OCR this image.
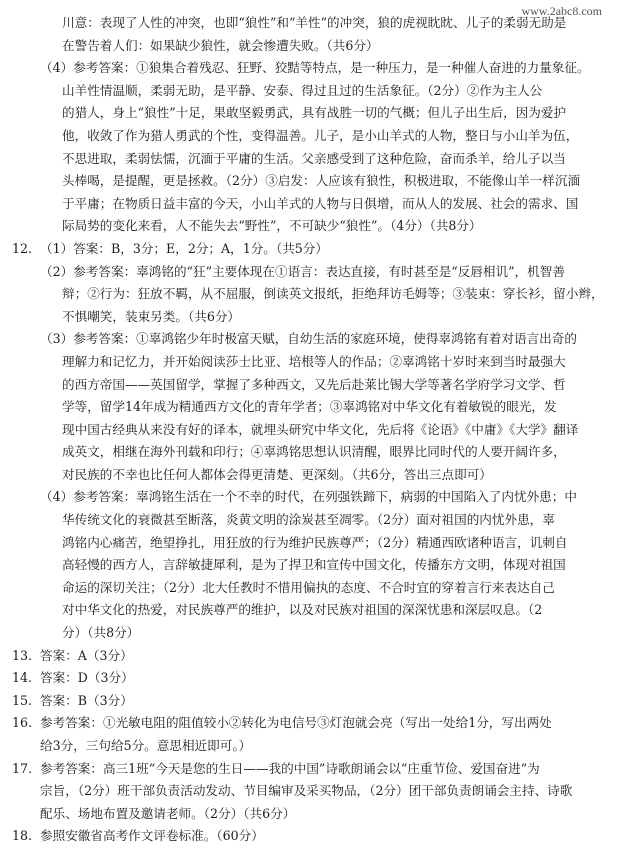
www.2abc8.com
川意：表现了人性的冲突，也即“狼性”和“羊性”的冲突，狼的虎视眈眈、儿子的柔弱无助是
在警告着人们：如果缺少狼性，就会惨遭失败。（共6分）
（4）参考答案：①狼集合着残忍、狂野、狡黠等特点，是一种压力，是一种催人奋进的力量象征。
山羊性情温顺，柔弱无助，是平静、安泰、得过且过的生活象征。（2分）②作为主人公
的猎人，身上“狼性”十足，果敢坚毅勇武，具有战胜一切的气概；但儿子出生后，因为爱护
他，收敛了作为猎人勇武的个性，变得温善。儿子，是小山羊式的人物，整日与小山羊为伍，
不思进取，柔弱怯懦，沉湎于平庸的生活。父亲感受到了这种危险，奋而杀羊，给儿子以当
头棒喝，是提醒，更是拯救。（2分）③启发：人应该有狼性，积极进取，不能像山羊一样沉湎
于平庸；在物质日益丰富的今天，小山羊式的人物与日俱增，而从人的发展、社会的需求、国
际局势的变化来看，人不能失去“野性”，不可缺少“狼性”。（4分）（共8分）
12. （1）答案：B，3分；E，2分；A，1分。（共5分）
（2）参考答案：辜鸿铭的“狂”主要体现在①语言：表达直接，有时甚至是“反唇相讥”，机智善
辩；②行为：狂放不羁，从不屈服，倒读英文报纸，拒绝拜访毛姆等；③装束：穿长衫，留小辫，
不惧嘲笑，装束另类。（共6分）
（3）参考答案：①辜鸿铭少年时极富天赋，自幼生活的家庭环境，使得辜鸿铭有着对语言出奇的
理解力和记忆力，并开始阅读莎士比亚、培根等人的作品；②辜鸿铭十岁时来到当时最强大
的西方帝国——英国留学，掌握了多种西文，又先后赴莱比锡大学等著名学府学习文学、哲
学等，留学14年成为精通西方文化的青年学者；③辜鸿铭对中华文化有着敏锐的眼光，发
现中国古经典从来没有好的译本，就埋头研究中华文化，先后将《论语》《中庸》《大学》翻译
成英文，相继在海外刊载和印行；④辜鸿铭思想认识清醒，眼界比同时代的人要开阔许多，
对民族的不幸也比任何人都体会得更清楚、更深刻。（共6分，答出三点即可）
（4）参考答案：辜鸿铭生活在一个不幸的时代，在列强铁蹄下，病弱的中国陷入了内忧外患；中
华传统文化的衰微甚至断落，炎黄文明的涂炭甚至凋零。（2分）面对祖国的内忧外患，辜
鸿铭内心痛苦，绝望挣扎，用狂放的行为维护民族尊严；（2分）精通西欧诸种语言，讥刺自
高轻慢的西方人，言辞敏捷犀利，是为了捍卫和宣传中国文化，传播东方文明，体现对祖国
命运的深切关注；（2分）北大任教时不惜用偏执的态度、不合时宜的穿着言行来表达自己
对中华文化的热爱，对民族尊严的维护，以及对民族对祖国的深深忧患和深层叹息。（2
分）（共8分）
13. 答案：A（3分）
14. 答案：D（3分）
15. 答案：B（3分）
16. 参考答案：①光敏电阻的阻值较小②转化为电信号③灯泡就会亮（写出一处给1分，写出两处
给3分，三句给5分。意思相近即可。）
17. 参考答案：高三1班“今天是您的生日——我的中国”诗歌朗诵会以“庄重节俭、爱国奋进”为
宗旨，（2分）班干部负责活动发动、节目编审及采买物品，（2分）团干部负责朗诵会主持、诗歌
配乐、场地布置及邀请老师。（2分）（共6分）
18. 参照安徽省高考作文评卷标准。（60分）
